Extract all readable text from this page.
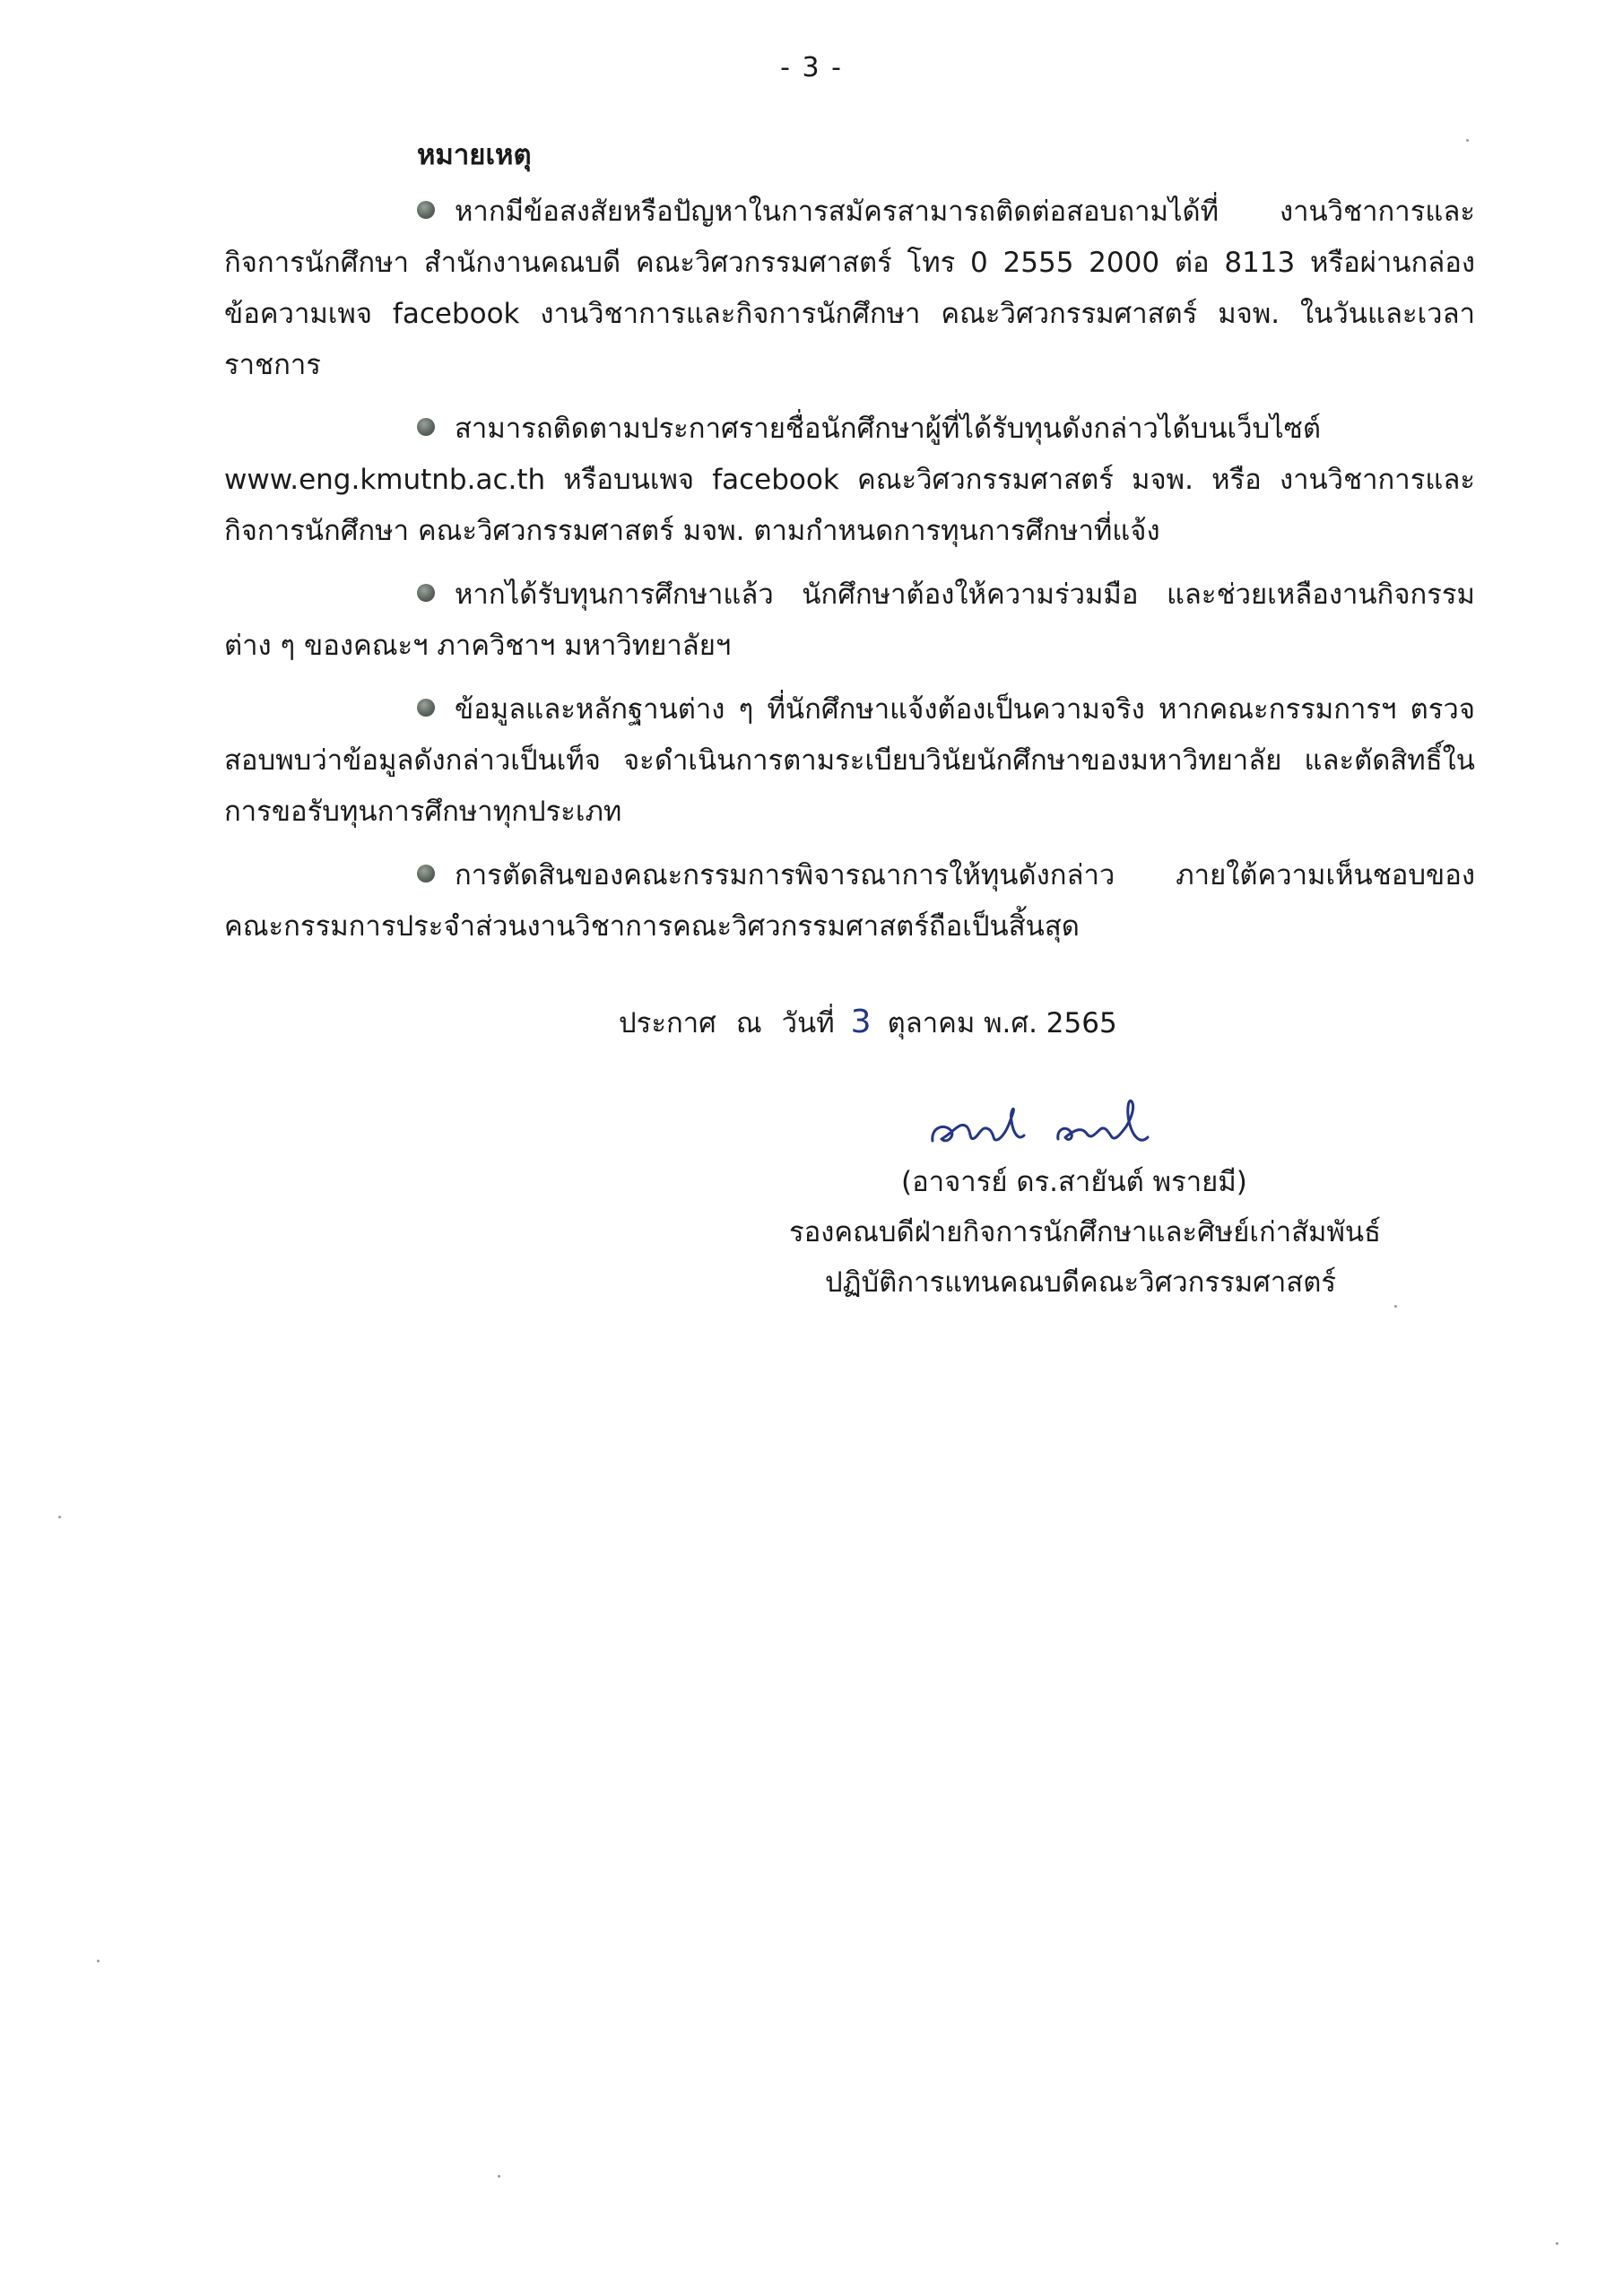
- 3 -
หมายเหตุ

หากมีข้อสงสัยหรือปัญหาในการสมัครสามารถติดต่อสอบถามได้ที่ งานวิชาการและกิจการนักศึกษา สำนักงานคณบดี คณะวิศวกรรมศาสตร์ โทร 0 2555 2000 ต่อ 8113 หรือผ่านกล่องข้อความเพจ facebook งานวิชาการและกิจการนักศึกษา คณะวิศวกรรมศาสตร์ มจพ. ในวันและเวลาราชการ

สามารถติดตามประกาศรายชื่อนักศึกษาผู้ที่ได้รับทุนดังกล่าวได้บนเว็บไซต์ www.eng.kmutnb.ac.th หรือบนเพจ facebook คณะวิศวกรรมศาสตร์ มจพ. หรือ งานวิชาการและกิจการนักศึกษา คณะวิศวกรรมศาสตร์ มจพ. ตามกำหนดการทุนการศึกษาที่แจ้ง

หากได้รับทุนการศึกษาแล้ว นักศึกษาต้องให้ความร่วมมือ และช่วยเหลืองานกิจกรรมต่าง ๆ ของคณะฯ ภาควิชาฯ มหาวิทยาลัยฯ

ข้อมูลและหลักฐานต่าง ๆ ที่นักศึกษาแจ้งต้องเป็นความจริง หากคณะกรรมการฯ ตรวจสอบพบว่าข้อมูลดังกล่าวเป็นเท็จ จะดำเนินการตามระเบียบวินัยนักศึกษาของมหาวิทยาลัย และตัดสิทธิ์ในการขอรับทุนการศึกษาทุกประเภท

การตัดสินของคณะกรรมการพิจารณาการให้ทุนดังกล่าว ภายใต้ความเห็นชอบของคณะกรรมการประจำส่วนงานวิชาการคณะวิศวกรรมศาสตร์ถือเป็นสิ้นสุด

ประกาศ ณ วันที่ 3 ตุลาคม พ.ศ. 2565
(อาจารย์ ดร.สายันต์ พรายมี)
รองคณบดีฝ่ายกิจการนักศึกษาและศิษย์เก่าสัมพันธ์
ปฏิบัติการแทนคณบดีคณะวิศวกรรมศาสตร์
